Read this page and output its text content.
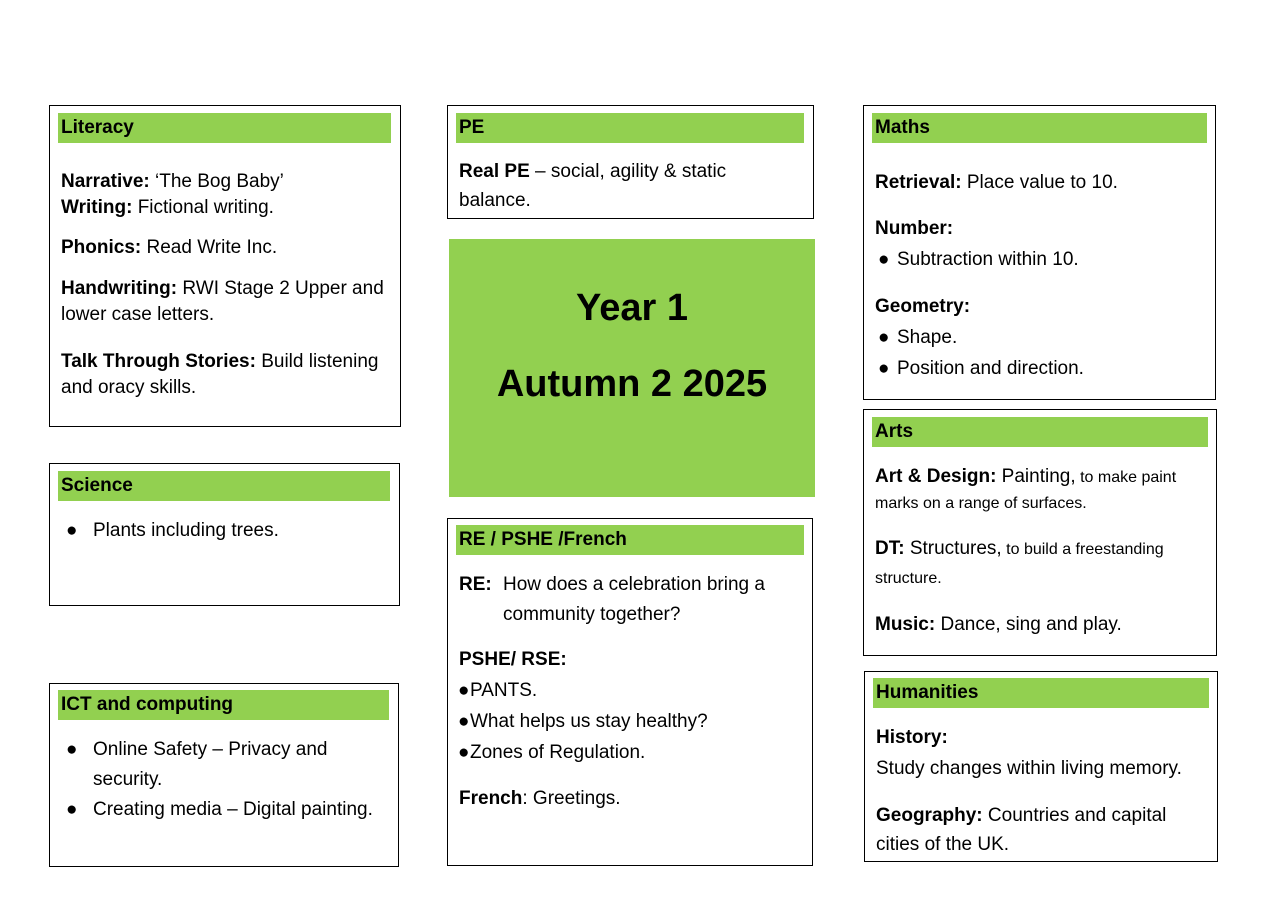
Literacy
Narrative: ‘The Bog Baby’
Writing: Fictional writing.
Phonics: Read Write Inc.
Handwriting: RWI Stage 2 Upper and
lower case letters.
Talk Through Stories: Build listening
and oracy skills.
Science
● Plants including trees.
ICT and computing
● Online Safety – Privacy and
security.
● Creating media – Digital painting.
PE
Real PE – social, agility & static
balance.
Year 1
Autumn 2 2025
RE / PSHE /French
RE: How does a celebration bring a
community together?
PSHE/ RSE:
● PANTS.
● What helps us stay healthy?
● Zones of Regulation.
French: Greetings.
Maths
Retrieval: Place value to 10.
Number:
● Subtraction within 10.
Geometry:
● Shape.
● Position and direction.
Arts
Art & Design: Painting, to make paint
marks on a range of surfaces.
DT: Structures, to build a freestanding
structure.
Music: Dance, sing and play.
Humanities
History:
Study changes within living memory.
Geography: Countries and capital
cities of the UK.
